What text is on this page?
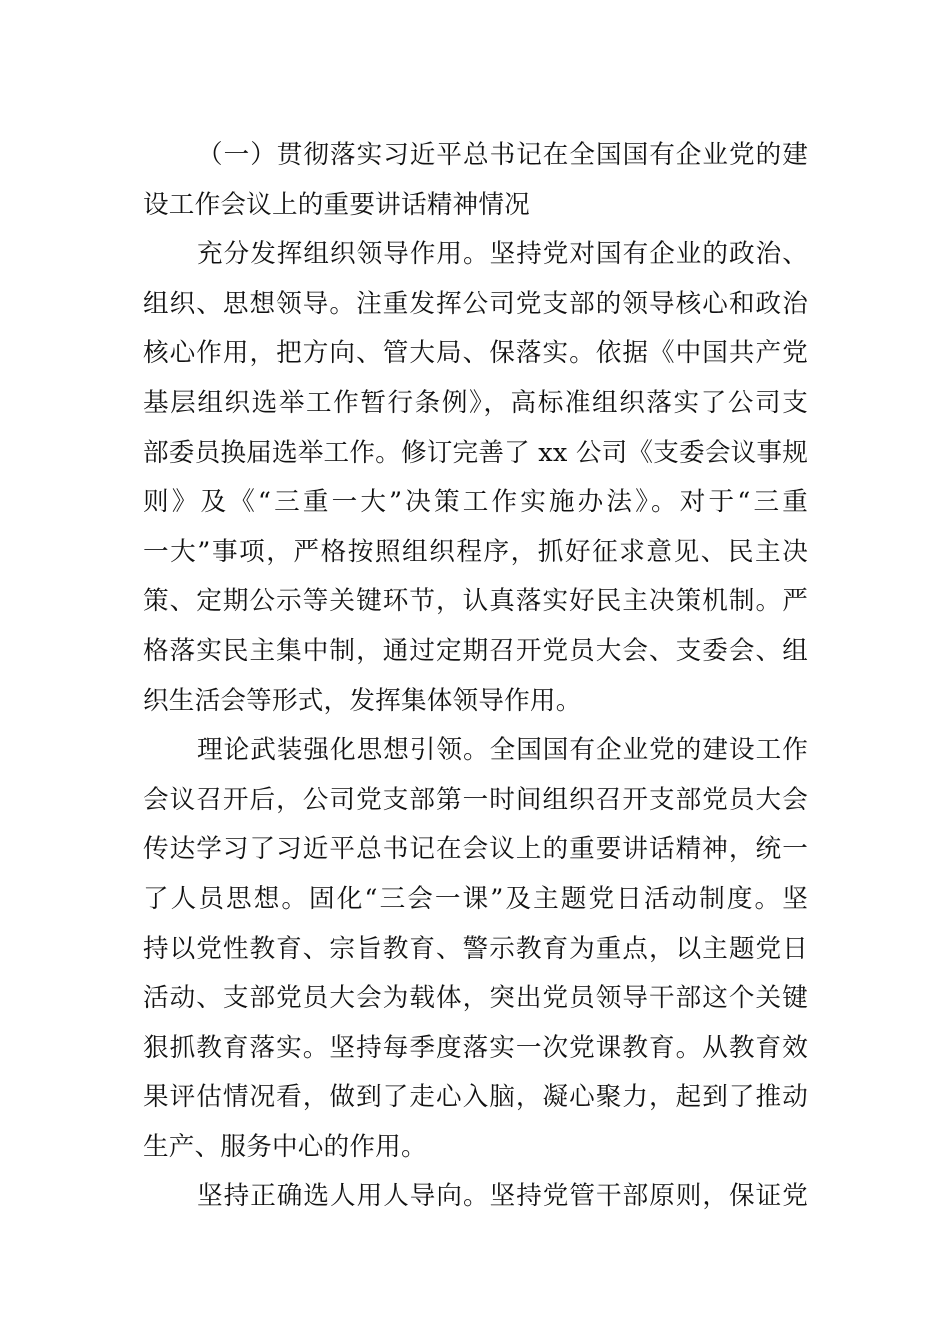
（一）贯彻落实习近平总书记在全国国有企业党的建
设工作会议上的重要讲话精神情况
充分发挥组织领导作用。坚持党对国有企业的政治、
组织、思想领导。注重发挥公司党支部的领导核心和政治
核心作用，把方向、管大局、保落实。依据《中国共产党
基层组织选举工作暂行条例》，高标准组织落实了公司支
部委员换届选举工作。修订完善了 xx 公司《支委会议事规
则》及《“三重一大”决策工作实施办法》。对于“三重
一大”事项，严格按照组织程序，抓好征求意见、民主决
策、定期公示等关键环节，认真落实好民主决策机制。严
格落实民主集中制，通过定期召开党员大会、支委会、组
织生活会等形式，发挥集体领导作用。
理论武装强化思想引领。全国国有企业党的建设工作
会议召开后，公司党支部第一时间组织召开支部党员大会
传达学习了习近平总书记在会议上的重要讲话精神，统一
了人员思想。固化“三会一课”及主题党日活动制度。坚
持以党性教育、宗旨教育、警示教育为重点，以主题党日
活动、支部党员大会为载体，突出党员领导干部这个关键
狠抓教育落实。坚持每季度落实一次党课教育。从教育效
果评估情况看，做到了走心入脑，凝心聚力，起到了推动
生产、服务中心的作用。
坚持正确选人用人导向。坚持党管干部原则，保证党
